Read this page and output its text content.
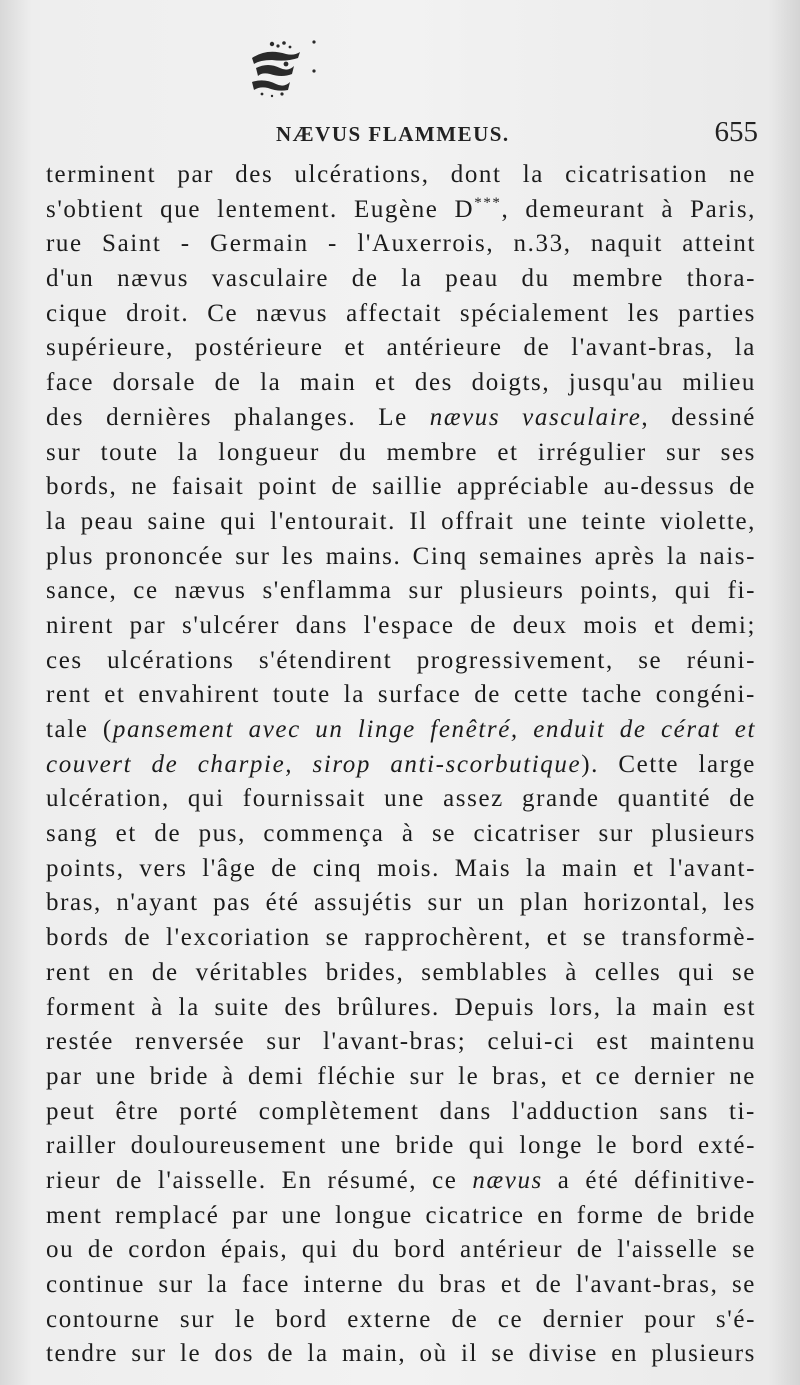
NÆVUS FLAMMEUS.	655
terminent par des ulcérations, dont la cicatrisation ne
s'obtient que lentement. Eugène D***, demeurant à Paris,
rue Saint - Germain - l'Auxerrois, n.33, naquit atteint
d'un nævus vasculaire de la peau du membre thora-
cique droit. Ce nævus affectait spécialement les parties
supérieure, postérieure et antérieure de l'avant-bras, la
face dorsale de la main et des doigts, jusqu'au milieu
des dernières phalanges. Le nævus vasculaire, dessiné
sur toute la longueur du membre et irrégulier sur ses
bords, ne faisait point de saillie appréciable au-dessus de
la peau saine qui l'entourait. Il offrait une teinte violette,
plus prononcée sur les mains. Cinq semaines après la nais-
sance, ce nævus s'enflamma sur plusieurs points, qui fi-
nirent par s'ulcérer dans l'espace de deux mois et demi;
ces ulcérations s'étendirent progressivement, se réuni-
rent et envahirent toute la surface de cette tache congéni-
tale (pansement avec un linge fenêtré, enduit de cérat et
couvert de charpie, sirop anti-scorbutique). Cette large
ulcération, qui fournissait une assez grande quantité de
sang et de pus, commença à se cicatriser sur plusieurs
points, vers l'âge de cinq mois. Mais la main et l'avant-
bras, n'ayant pas été assujétis sur un plan horizontal, les
bords de l'excoriation se rapprochèrent, et se transformè-
rent en de véritables brides, semblables à celles qui se
forment à la suite des brûlures. Depuis lors, la main est
restée renversée sur l'avant-bras; celui-ci est maintenu
par une bride à demi fléchie sur le bras, et ce dernier ne
peut être porté complètement dans l'adduction sans ti-
railler douloureusement une bride qui longe le bord exté-
rieur de l'aisselle. En résumé, ce nævus a été définitive-
ment remplacé par une longue cicatrice en forme de bride
ou de cordon épais, qui du bord antérieur de l'aisselle se
continue sur la face interne du bras et de l'avant-bras, se
contourne sur le bord externe de ce dernier pour s'é-
tendre sur le dos de la main, où il se divise en plusieurs
